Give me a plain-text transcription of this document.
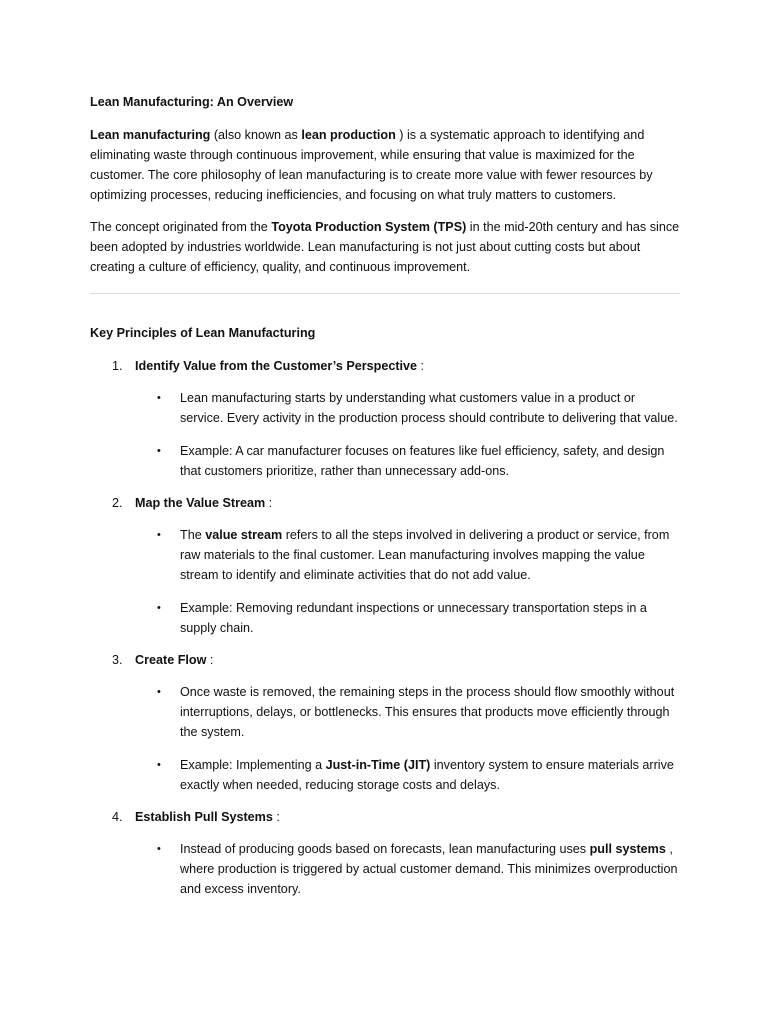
Lean Manufacturing: An Overview

Lean manufacturing (also known as lean production ) is a systematic approach to identifying and eliminating waste through continuous improvement, while ensuring that value is maximized for the customer. The core philosophy of lean manufacturing is to create more value with fewer resources by optimizing processes, reducing inefficiencies, and focusing on what truly matters to customers.

The concept originated from the Toyota Production System (TPS) in the mid-20th century and has since been adopted by industries worldwide. Lean manufacturing is not just about cutting costs but about creating a culture of efficiency, quality, and continuous improvement.

Key Principles of Lean Manufacturing
1. Identify Value from the Customer’s Perspective :
• Lean manufacturing starts by understanding what customers value in a product or service. Every activity in the production process should contribute to delivering that value.
• Example: A car manufacturer focuses on features like fuel efficiency, safety, and design that customers prioritize, rather than unnecessary add-ons.
2. Map the Value Stream :
• The value stream refers to all the steps involved in delivering a product or service, from raw materials to the final customer. Lean manufacturing involves mapping the value stream to identify and eliminate activities that do not add value.
• Example: Removing redundant inspections or unnecessary transportation steps in a supply chain.
3. Create Flow :
• Once waste is removed, the remaining steps in the process should flow smoothly without interruptions, delays, or bottlenecks. This ensures that products move efficiently through the system.
• Example: Implementing a Just-in-Time (JIT) inventory system to ensure materials arrive exactly when needed, reducing storage costs and delays.
4. Establish Pull Systems :
• Instead of producing goods based on forecasts, lean manufacturing uses pull systems , where production is triggered by actual customer demand. This minimizes overproduction and excess inventory.
